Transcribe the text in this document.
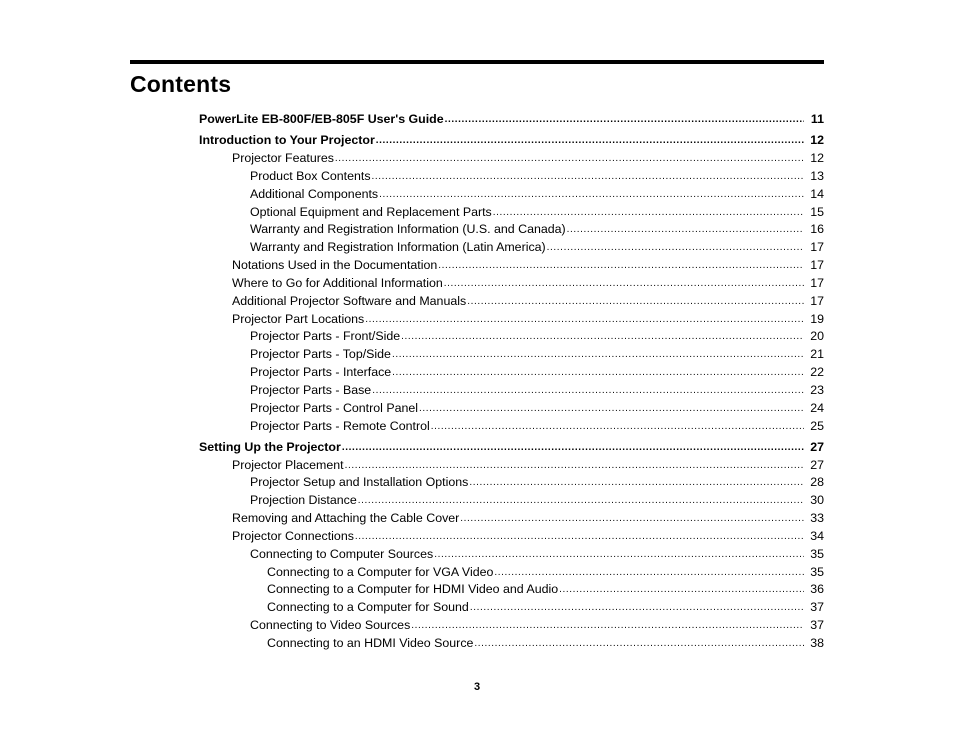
Contents
PowerLite EB-800F/EB-805F User's Guide .....	11
Introduction to Your Projector .....	12
Projector Features .....	12
Product Box Contents .....	13
Additional Components .....	14
Optional Equipment and Replacement Parts .....	15
Warranty and Registration Information (U.S. and Canada) .....	16
Warranty and Registration Information (Latin America) .....	17
Notations Used in the Documentation .....	17
Where to Go for Additional Information .....	17
Additional Projector Software and Manuals .....	17
Projector Part Locations .....	19
Projector Parts - Front/Side .....	20
Projector Parts - Top/Side .....	21
Projector Parts - Interface .....	22
Projector Parts - Base .....	23
Projector Parts - Control Panel .....	24
Projector Parts - Remote Control .....	25
Setting Up the Projector .....	27
Projector Placement .....	27
Projector Setup and Installation Options .....	28
Projection Distance .....	30
Removing and Attaching the Cable Cover .....	33
Projector Connections .....	34
Connecting to Computer Sources .....	35
Connecting to a Computer for VGA Video .....	35
Connecting to a Computer for HDMI Video and Audio .....	36
Connecting to a Computer for Sound .....	37
Connecting to Video Sources .....	37
Connecting to an HDMI Video Source .....	38
3
